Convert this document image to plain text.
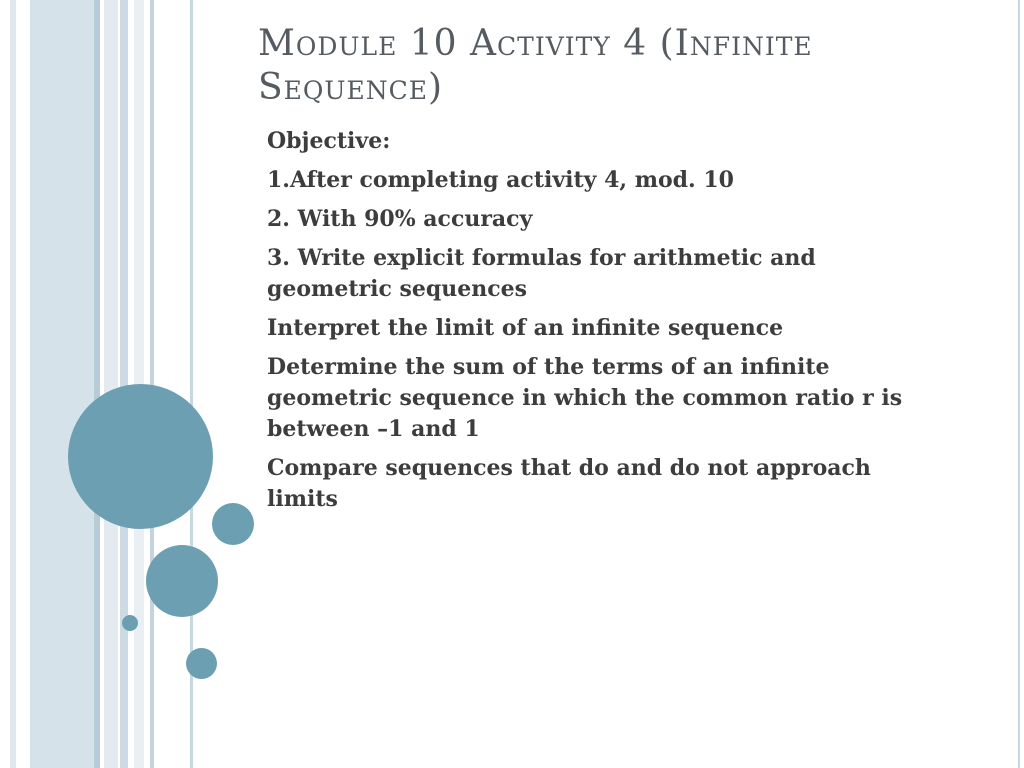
Module 10 Activity 4 (Infinite Sequence)

Objective:

1.After completing activity 4, mod. 10

2. With 90% accuracy

3. Write explicit formulas for arithmetic and geometric sequences

Interpret the limit of an infinite sequence

Determine the sum of the terms of an infinite geometric sequence in which the common ratio r is between –1 and 1

Compare sequences that do and do not approach limits
